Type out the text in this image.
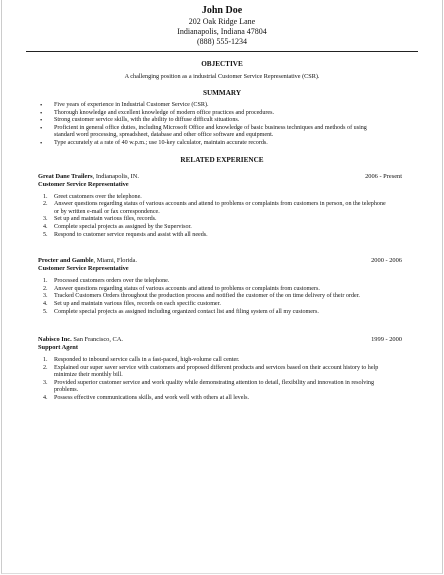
John Doe
202 Oak Ridge Lane
Indianapolis, Indiana 47804
(888) 555-1234
OBJECTIVE
A challenging position as a industrial Customer Service Representative (CSR).
SUMMARY
• Five years of experience in Industrial Customer Service (CSR).
• Thorough knowledge and excellent knowledge of modern office practices and procedures.
• Strong customer service skills, with the ability to diffuse difficult situations.
• Proficient in general office duties, including Microsoft Office and knowledge of basic business techniques and methods of using standard word processing, spreadsheet, database and other office software and equipment.
• Type accurately at a rate of 40 w.p.m.; use 10-key calculator, maintain accurate records.
RELATED EXPERIENCE
Great Dane Trailers, Indianapolis, IN.	2006 - Present
Customer Service Representative
1. Greet customers over the telephone.
2. Answer questions regarding status of various accounts and attend to problems or complaints from customers in person, on the telephone or by written e-mail or fax correspondence.
3. Set up and maintain various files, records.
4. Complete special projects as assigned by the Supervisor.
5. Respond to customer service requests and assist with all needs.
Procter and Gamble, Miami, Florida.	2000 - 2006
Customer Service Representative
1. Processed customers orders over the telephone.
2. Answer questions regarding status of various accounts and attend to problems or complaints from customers.
3. Tracked Customers Orders throughout the production process and notified the customer of the on time delivery of their order.
4. Set up and maintain various files, records on each specific customer.
5. Complete special projects as assigned including organized contact list and filing system of all my customers.
Nabisco Inc. San Francisco, CA.	1999 - 2000
Support Agent
1. Responded to inbound service calls in a fast-paced, high-volume call center.
2. Explained our super saver service with customers and proposed different products and services based on their account history to help minimize their monthly bill.
3. Provided superior customer service and work quality while demonstrating attention to detail, flexibility and innovation in resolving problems.
4. Possess effective communications skills, and work well with others at all levels.
